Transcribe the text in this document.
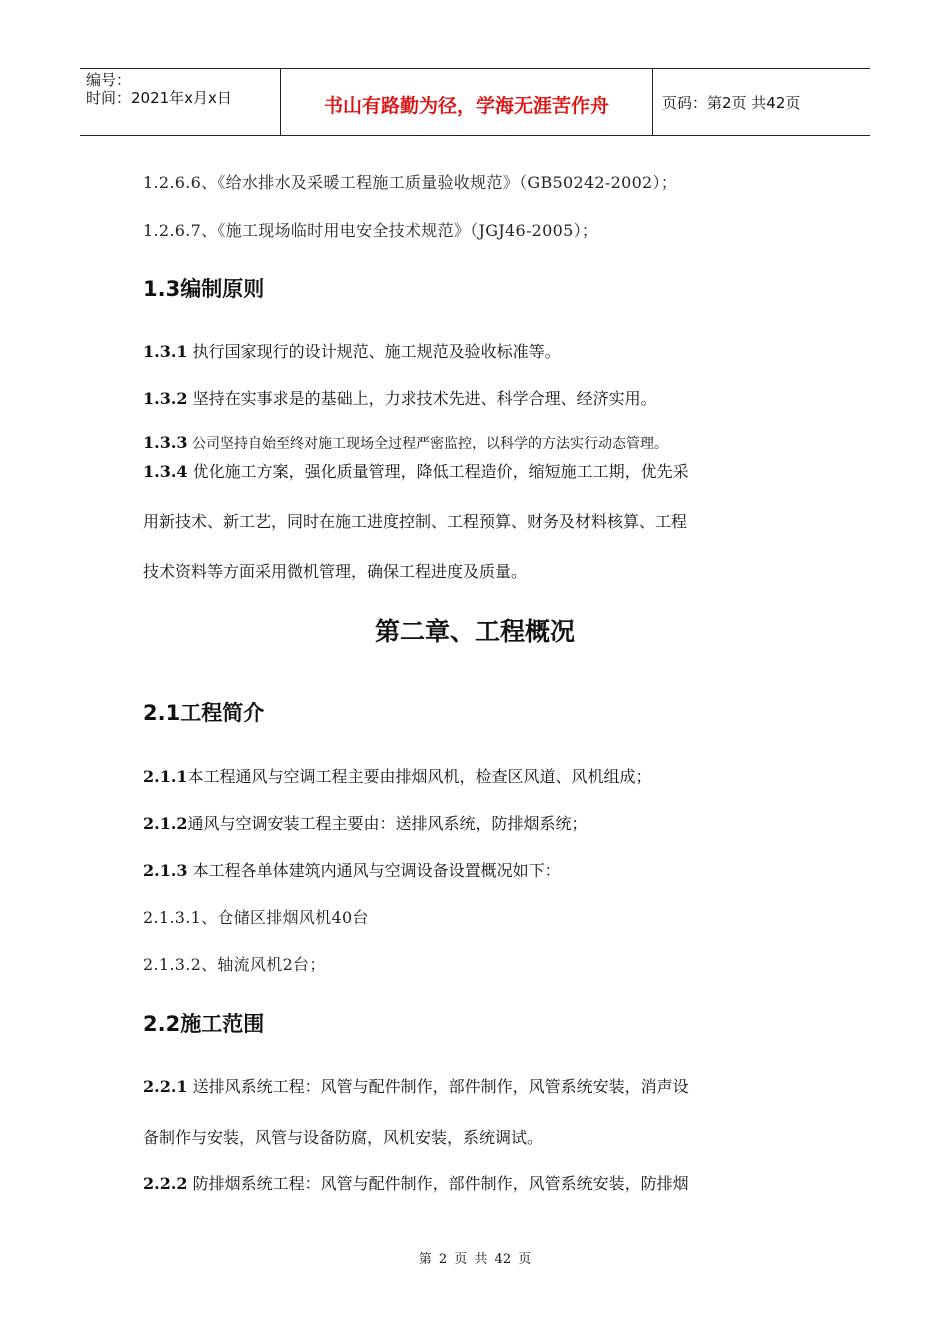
编号：
时间：2021年x月x日	书山有路勤为径，学海无涯苦作舟	页码：第2页 共42页
1.2.6.6、《给水排水及采暖工程施工质量验收规范》（GB50242-2002）；
1.2.6.7、《施工现场临时用电安全技术规范》（JGJ46-2005）；
1.3编制原则
1.3.1 执行国家现行的设计规范、施工规范及验收标准等。
1.3.2 坚持在实事求是的基础上，力求技术先进、科学合理、经济实用。
1.3.3 公司坚持自始至终对施工现场全过程严密监控，以科学的方法实行动态管理。
1.3.4 优化施工方案，强化质量管理，降低工程造价，缩短施工工期，优先采
用新技术、新工艺，同时在施工进度控制、工程预算、财务及材料核算、工程
技术资料等方面采用微机管理，确保工程进度及质量。
第二章、工程概况
2.1工程简介
2.1.1本工程通风与空调工程主要由排烟风机，检查区风道、风机组成；
2.1.2通风与空调安装工程主要由：送排风系统，防排烟系统；
2.1.3 本工程各单体建筑内通风与空调设备设置概况如下：
2.1.3.1、仓储区排烟风机40台
2.1.3.2、轴流风机2台；
2.2施工范围
2.2.1 送排风系统工程：风管与配件制作，部件制作，风管系统安装，消声设
备制作与安装，风管与设备防腐，风机安装，系统调试。
2.2.2 防排烟系统工程：风管与配件制作，部件制作，风管系统安装，防排烟
第 2 页 共 42 页
